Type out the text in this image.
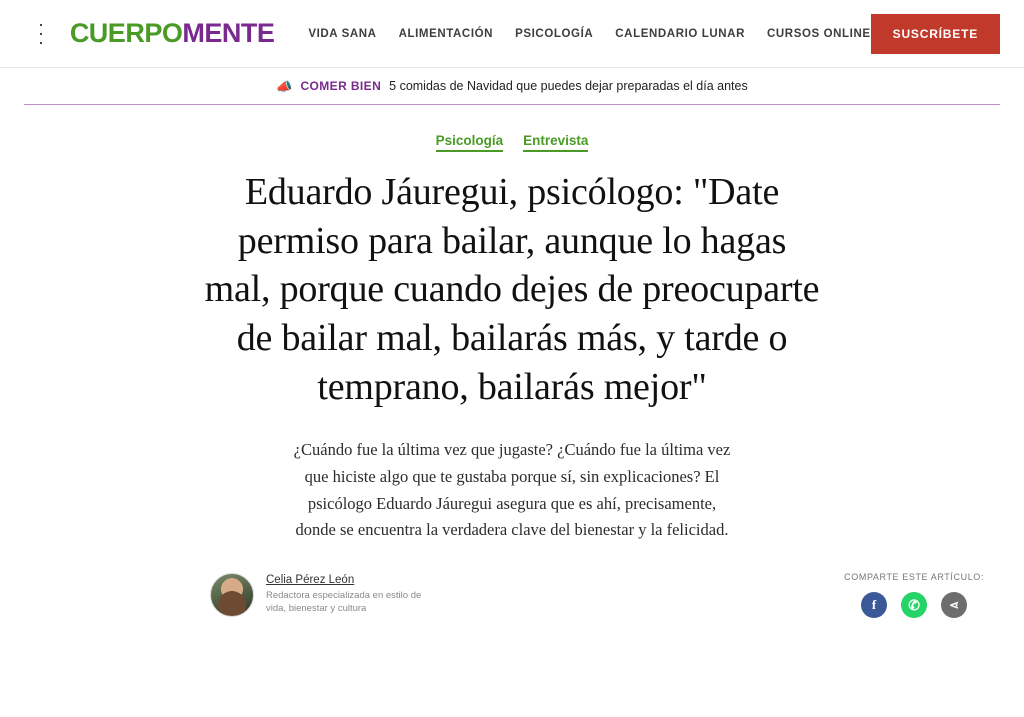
CUERPOMENTE	VIDA SANA ALIMENTACIÓN PSICOLOGÍA CALENDARIO LUNAR CURSOS ONLINE	SUSCRÍBETE
📣 COMER BIEN 5 comidas de Navidad que puedes dejar preparadas el día antes
Psicología Entrevista
Eduardo Jáuregui, psicólogo: "Date permiso para bailar, aunque lo hagas mal, porque cuando dejes de preocuparte de bailar mal, bailarás más, y tarde o temprano, bailarás mejor"

¿Cuándo fue la última vez que jugaste? ¿Cuándo fue la última vez que hiciste algo que te gustaba porque sí, sin explicaciones? El psicólogo Eduardo Jáuregui asegura que es ahí, precisamente, donde se encuentra la verdadera clave del bienestar y la felicidad.

Celia Pérez León
Redactora especializada en estilo de vida, bienestar y cultura
COMPARTE ESTE ARTÍCULO:
f	✆	⋖
